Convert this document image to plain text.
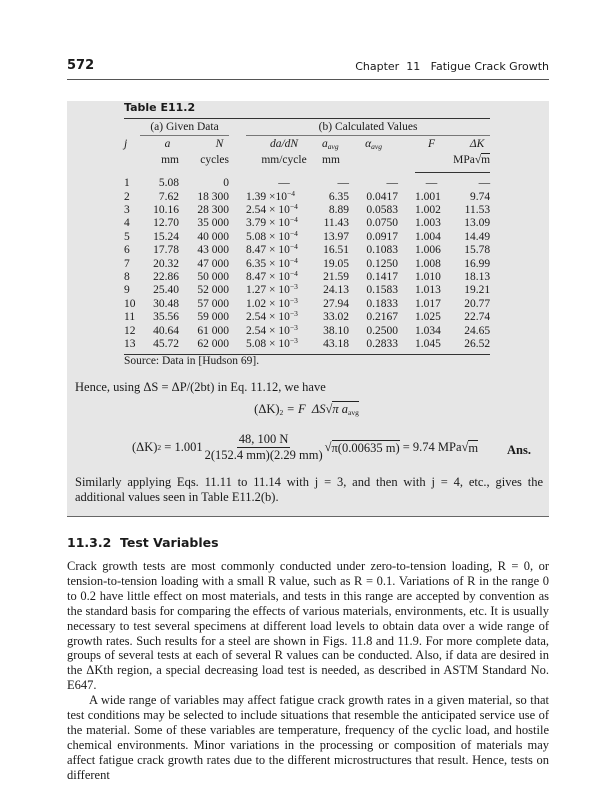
572	Chapter  11   Fatigue Crack Growth
Table E11.2
	(a) Given Data			(b) Calculated Values					
j	a	N		da/dN	$a_{avg}$	$\alpha_{avg}$		F	ΔK
	mm	cycles		mm/cycle	mm			MPa√m	
1	5.08	0		—	—	—		—	—
2	7.62	18 300		$1.39 \times 10^{-4}$	6.35	0.0417		1.001	9.74
3	10.16	28 300		$2.54 \times 10^{-4}$	8.89	0.0583		1.002	11.53
4	12.70	35 000		$3.79 \times 10^{-4}$	11.43	0.0750		1.003	13.09
5	15.24	40 000		$5.08 \times 10^{-4}$	13.97	0.0917		1.004	14.49
6	17.78	43 000		$8.47 \times 10^{-4}$	16.51	0.1083		1.006	15.78
7	20.32	47 000		$6.35 \times 10^{-4}$	19.05	0.1250		1.008	16.99
8	22.86	50 000		$8.47 \times 10^{-4}$	21.59	0.1417		1.010	18.13
9	25.40	52 000		$1.27 \times 10^{-3}$	24.13	0.1583		1.013	19.21
10	30.48	57 000		$1.02 \times 10^{-3}$	27.94	0.1833		1.017	20.77
11	35.56	59 000		$2.54 \times 10^{-3}$	33.02	0.2167		1.025	22.74
12	40.64	61 000		$2.54 \times 10^{-3}$	38.10	0.2500		1.034	24.65
13	45.72	62 000		$5.08 \times 10^{-3}$	43.18	0.2833		1.045	26.52
Source: Data in [Hudson 69].
Hence, using ΔS = ΔP/(2bt) in Eq. 11.12, we have
$(\Delta K)_2 = F$  ΔS√π $a_{avg}$
(ΔK) $2 = 1.001 \frac{48, 100 N}{2(152.4 mm)(2.29 mm)}$ √ π(0.00635 m) = 9.74 MPa √ m Ans.
Similarly applying Eqs. 11.11 to 11.14 with j = 3, and then with j = 4, etc., gives the additional values seen in Table E11.2(b).
11.3.2  Test Variables

Crack growth tests are most commonly conducted under zero-to-tension loading, R = 0, or tension-to-tension loading with a small R value, such as R = 0.1. Variations of R in the range 0 to 0.2 have little effect on most materials, and tests in this range are accepted by convention as the standard basis for comparing the effects of various materials, environments, etc. It is usually necessary to test several specimens at different load levels to obtain data over a wide range of growth rates. Such results for a steel are shown in Figs. 11.8 and 11.9. For more complete data, groups of several tests at each of several R values can be conducted. Also, if data are desired in the ΔKth region, a special decreasing load test is needed, as described in ASTM Standard No. E647.

A wide range of variables may affect fatigue crack growth rates in a given material, so that test conditions may be selected to include situations that resemble the anticipated service use of the material. Some of these variables are temperature, frequency of the cyclic load, and hostile chemical environments. Minor variations in the processing or composition of materials may affect fatigue crack growth rates due to the different microstructures that result. Hence, tests on different
